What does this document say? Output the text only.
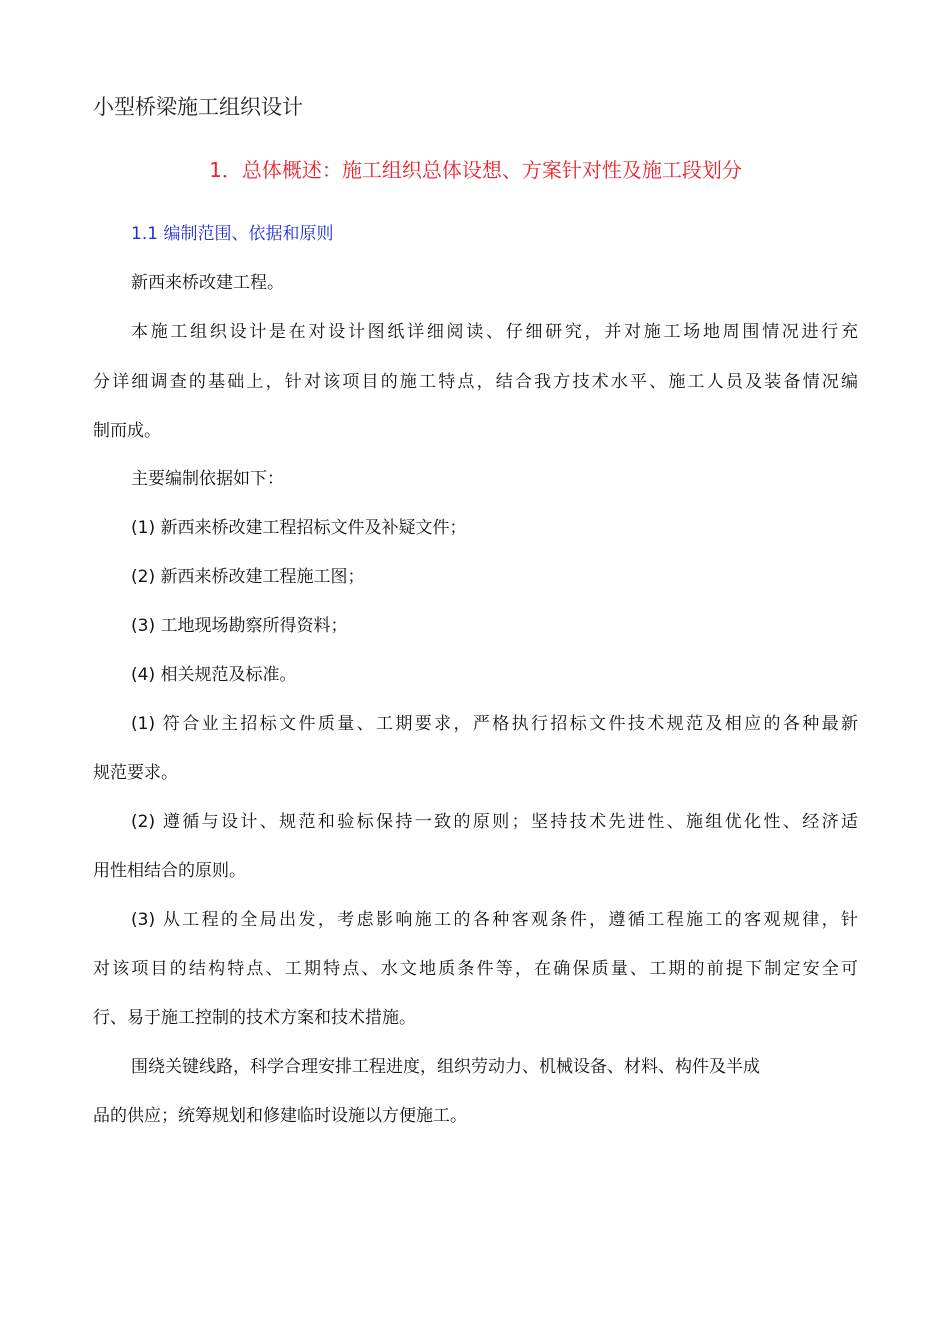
小型桥梁施工组织设计
1．总体概述：施工组织总体设想、方案针对性及施工段划分
1.1 编制范围、依据和原则
新西来桥改建工程。
本施工组织设计是在对设计图纸详细阅读、仔细研究，并对施工场地周围情况进行充
分详细调查的基础上，针对该项目的施工特点，结合我方技术水平、施工人员及装备情况编
制而成。
主要编制依据如下：
(1) 新西来桥改建工程招标文件及补疑文件；
(2) 新西来桥改建工程施工图；
(3) 工地现场勘察所得资料；
(4) 相关规范及标准。
(1) 符合业主招标文件质量、工期要求，严格执行招标文件技术规范及相应的各种最新
规范要求。
(2) 遵循与设计、规范和验标保持一致的原则；坚持技术先进性、施组优化性、经济适
用性相结合的原则。
(3) 从工程的全局出发，考虑影响施工的各种客观条件，遵循工程施工的客观规律，针
对该项目的结构特点、工期特点、水文地质条件等，在确保质量、工期的前提下制定安全可
行、易于施工控制的技术方案和技术措施。
围绕关键线路，科学合理安排工程进度，组织劳动力、机械设备、材料、构件及半成
品的供应；统筹规划和修建临时设施以方便施工。
